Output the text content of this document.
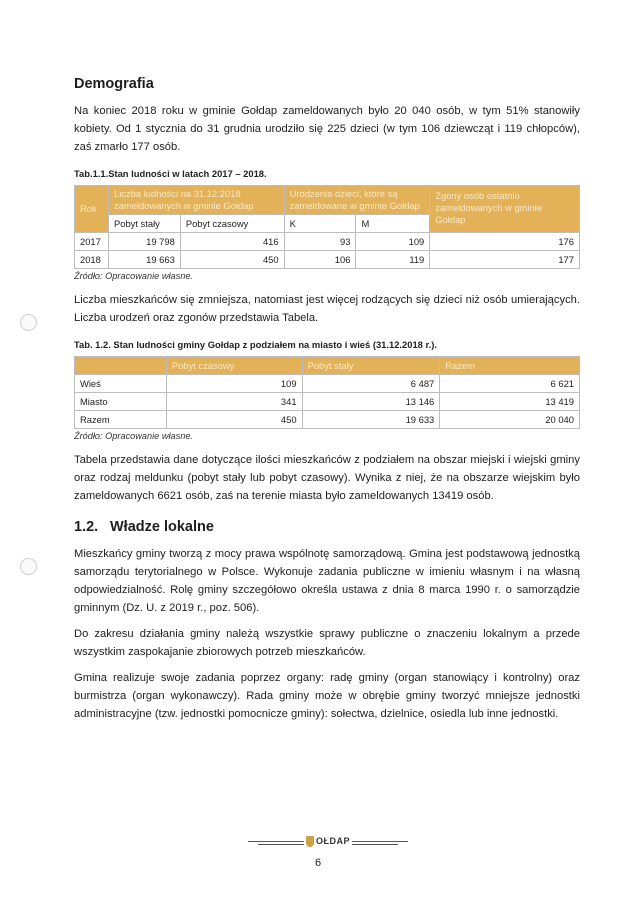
Demografia

Na koniec 2018 roku w gminie Gołdap zameldowanych było 20 040 osób, w tym 51% stanowiły kobiety. Od 1 stycznia do 31 grudnia urodziło się 225 dzieci (w tym 106 dziewcząt i 119 chłopców), zaś zmarło 177 osób.

Tab.1.1.Stan ludności w latach 2017 – 2018.

Rok	Liczba ludności na 31.12.2018 zameldowanych w gminie Gołdap		Urodzenia dzieci, które są zameldowane w gminie Gołdap		Zgony osób ostatnio zameldowanych w gminie Gołdap
	Pobyt stały	Pobyt czasowy	K	M	
2017	19 798	416	93	109	176
2018	19 663	450	106	119	177

Źródło: Opracowanie własne.

Liczba mieszkańców się zmniejsza, natomiast jest więcej rodzących się dzieci niż osób umierających. Liczba urodzeń oraz zgonów przedstawia Tabela.

Tab. 1.2. Stan ludności gminy Gołdap z podziałem na miasto i wieś (31.12.2018 r.).

	Pobyt czasowy	Pobyt stały	Razem
Wieś	109	6 487	6 621
Miasto	341	13 146	13 419
Razem	450	19 633	20 040

Źródło: Opracowanie własne.

Tabela przedstawia dane dotyczące ilości mieszkańców z podziałem na obszar miejski i wiejski gminy oraz rodzaj meldunku (pobyt stały lub pobyt czasowy). Wynika z niej, że na obszarze wiejskim było zameldowanych 6621 osób, zaś na terenie miasta było zameldowanych 13419 osób.

1.2. Władze lokalne

Mieszkańcy gminy tworzą z mocy prawa wspólnotę samorządową. Gmina jest podstawową jednostką samorządu terytorialnego w Polsce. Wykonuje zadania publiczne w imieniu własnym i na własną odpowiedzialność. Rolę gminy szczegółowo określa ustawa z dnia 8 marca 1990 r. o samorządzie gminnym (Dz. U. z 2019 r., poz. 506).

Do zakresu działania gminy należą wszystkie sprawy publiczne o znaczeniu lokalnym a przede wszystkim zaspokajanie zbiorowych potrzeb mieszkańców.

Gmina realizuje swoje zadania poprzez organy: radę gminy (organ stanowiący i kontrolny) oraz burmistrza (organ wykonawczy). Rada gminy może w obrębie gminy tworzyć mniejsze jednostki administracyjne (tzw. jednostki pomocnicze gminy): sołectwa, dzielnice, osiedla lub inne jednostki.

OŁDAP
6
